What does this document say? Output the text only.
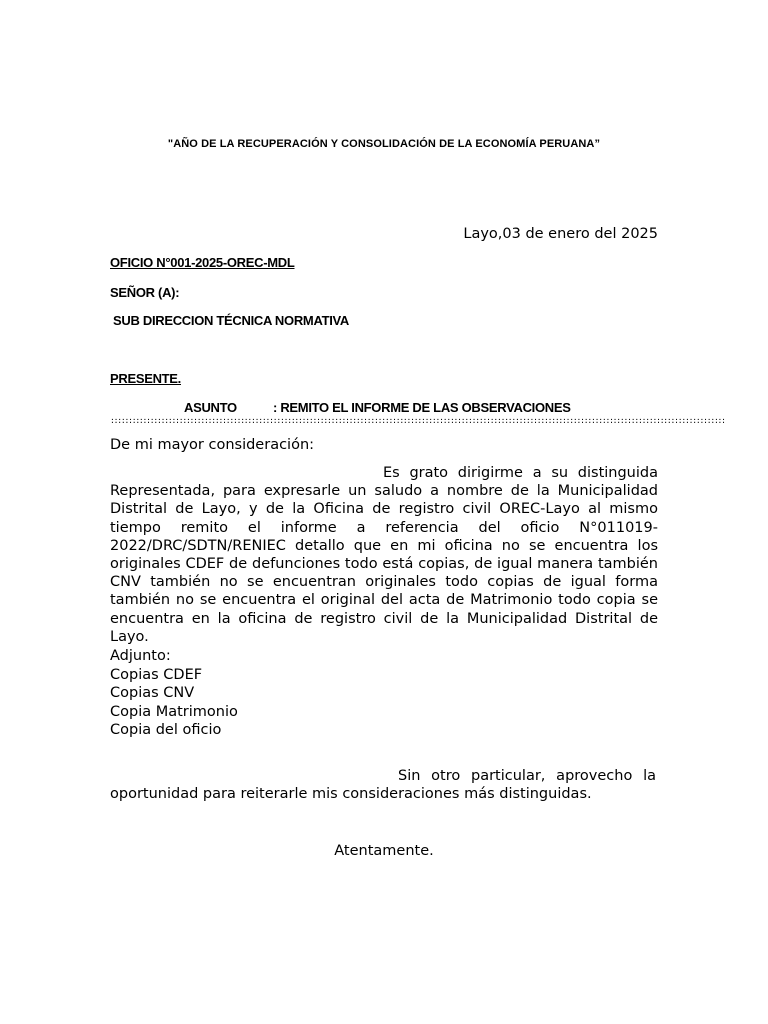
"AÑO DE LA RECUPERACIÓN Y CONSOLIDACIÓN DE LA ECONOMÍA PERUANA”
Layo,03 de enero del 2025
OFICIO N°001-2025-OREC-MDL
SEÑOR (A):
SUB DIRECCION TÉCNICA NORMATIVA
PRESENTE.
ASUNTO	: REMITO EL INFORME DE LAS OBSERVACIONES
::::::::::::::::::::::::::::::::::::::::::::::::::::::::::::::::::::::::::::::::::::::::::::::::::::::::::::::::::::::::::::::::::::::::::::::::::::::::::::::::::::::::::
De mi mayor consideración:
Es grato dirigirme a su distinguida Representada, para expresarle un saludo a nombre de la Municipalidad Distrital de Layo, y de la Oficina de registro civil OREC-Layo al mismo tiempo remito el informe a referencia del oficio N°011019-2022/DRC/SDTN/RENIEC detallo que en mi oficina no se encuentra los originales CDEF de defunciones todo está copias, de igual manera también CNV también no se encuentran originales todo copias de igual forma también no se encuentra el original del acta de Matrimonio todo copia se encuentra en la oficina de registro civil de la Municipalidad Distrital de Layo.
Adjunto:
Copias CDEF
Copias CNV
Copia Matrimonio
Copia del oficio
Sin otro particular, aprovecho la oportunidad para reiterarle mis consideraciones más distinguidas.
Atentamente.
